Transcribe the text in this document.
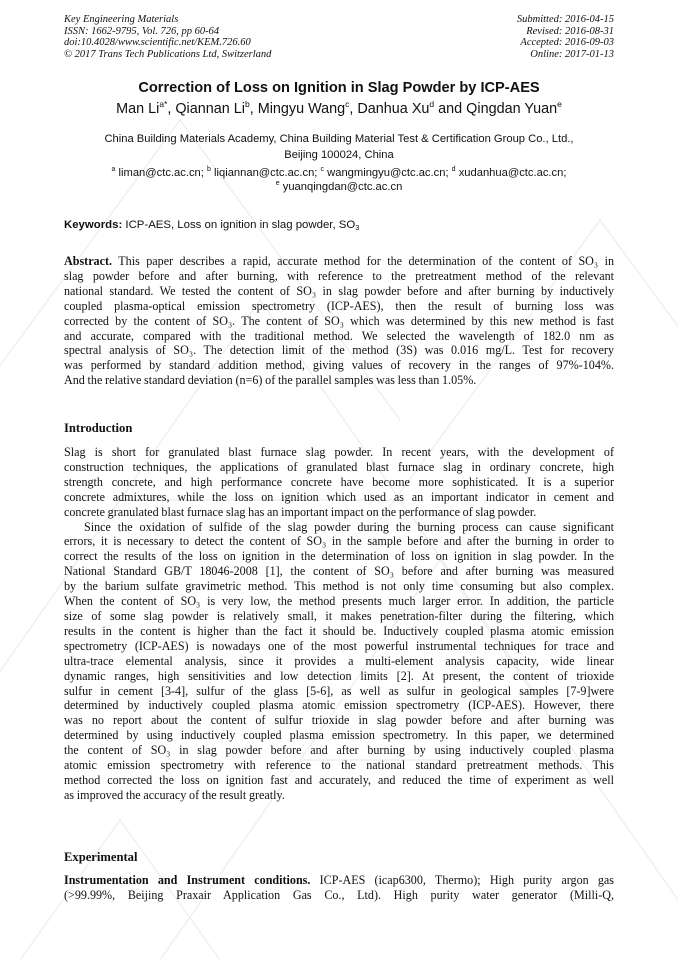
Key Engineering Materials
ISSN: 1662-9795, Vol. 726, pp 60-64
doi:10.4028/www.scientific.net/KEM.726.60
© 2017 Trans Tech Publications Ltd, Switzerland
Submitted: 2016-04-15
Revised: 2016-08-31
Accepted: 2016-09-03
Online: 2017-01-13
Correction of Loss on Ignition in Slag Powder by ICP-AES
Man $Li^{a*}$, Qiannan Li$^b$, Mingyu Wang$^c$, Danhua Xu$^d$ and Qingdan Yuan$^e$
China Building Materials Academy, China Building Material Test & Certification Group Co., Ltd.,
Beijing 100024, China
$^a$ liman@ctc.ac.cn; $^b$ liqiannan@ctc.ac.cn; $^c$ wangmingyu@ctc.ac.cn; $^d$ xudanhua@ctc.ac.cn;
$^e$ yuanqingdan@ctc.ac.cn
Keywords: ICP-AES, Loss on ignition in slag powder, $SO_3$
Abstract. This paper describes a rapid, accurate method for the determination of the content of SO₃ in
slag powder before and after burning, with reference to the pretreatment method of the relevant
national standard. We tested the content of SO₃ in slag powder before and after burning by inductively
coupled plasma-optical emission spectrometry (ICP-AES), then the result of burning loss was
corrected by the content of SO₃. The content of SO₃ which was determined by this new method is fast
and accurate, compared with the traditional method. We selected the wavelength of 182.0 nm as
spectral analysis of SO₃. The detection limit of the method (3S) was 0.016 mg/L. Test for recovery
was performed by standard addition method, giving values of recovery in the ranges of 97%-104%.
And the relative standard deviation (n=6) of the parallel samples was less than 1.05%.
Introduction
Slag is short for granulated blast furnace slag powder. In recent years, with the development of
construction techniques, the applications of granulated blast furnace slag in ordinary concrete, high
strength concrete, and high performance concrete have become more sophisticated. It is a superior
concrete admixtures, while the loss on ignition which used as an important indicator in cement and
concrete granulated blast furnace slag has an important impact on the performance of slag powder.
Since the oxidation of sulfide of the slag powder during the burning process can cause significant
errors, it is necessary to detect the content of SO₃ in the sample before and after the burning in order to
correct the results of the loss on ignition in the determination of loss on ignition in slag powder. In the
National Standard GB/T 18046-2008 [1], the content of SO₃ before and after burning was measured
by the barium sulfate gravimetric method. This method is not only time consuming but also complex.
When the content of SO₃ is very low, the method presents much larger error. In addition, the particle
size of some slag powder is relatively small, it makes penetration-filter during the filtering, which
results in the content is higher than the fact it should be. Inductively coupled plasma atomic emission
spectrometry (ICP-AES) is nowadays one of the most powerful instrumental techniques for trace and
ultra-trace elemental analysis, since it provides a multi-element analysis capacity, wide linear
dynamic ranges, high sensitivities and low detection limits [2]. At present, the content of trioxide
sulfur in cement [3-4], sulfur of the glass [5-6], as well as sulfur in geological samples [7-9]were
determined by inductively coupled plasma atomic emission spectrometry (ICP-AES). However, there
was no report about the content of sulfur trioxide in slag powder before and after burning was
determined by using inductively coupled plasma emission spectrometry. In this paper, we determined
the content of SO₃ in slag powder before and after burning by using inductively coupled plasma
atomic emission spectrometry with reference to the national standard pretreatment methods. This
method corrected the loss on ignition fast and accurately, and reduced the time of experiment as well
as improved the accuracy of the result greatly.
Experimental
Instrumentation and Instrument conditions. ICP-AES (icap6300, Thermo); High purity argon gas
(>99.99%, Beijing Praxair Application Gas Co., Ltd). High purity water generator (Milli-Q,
